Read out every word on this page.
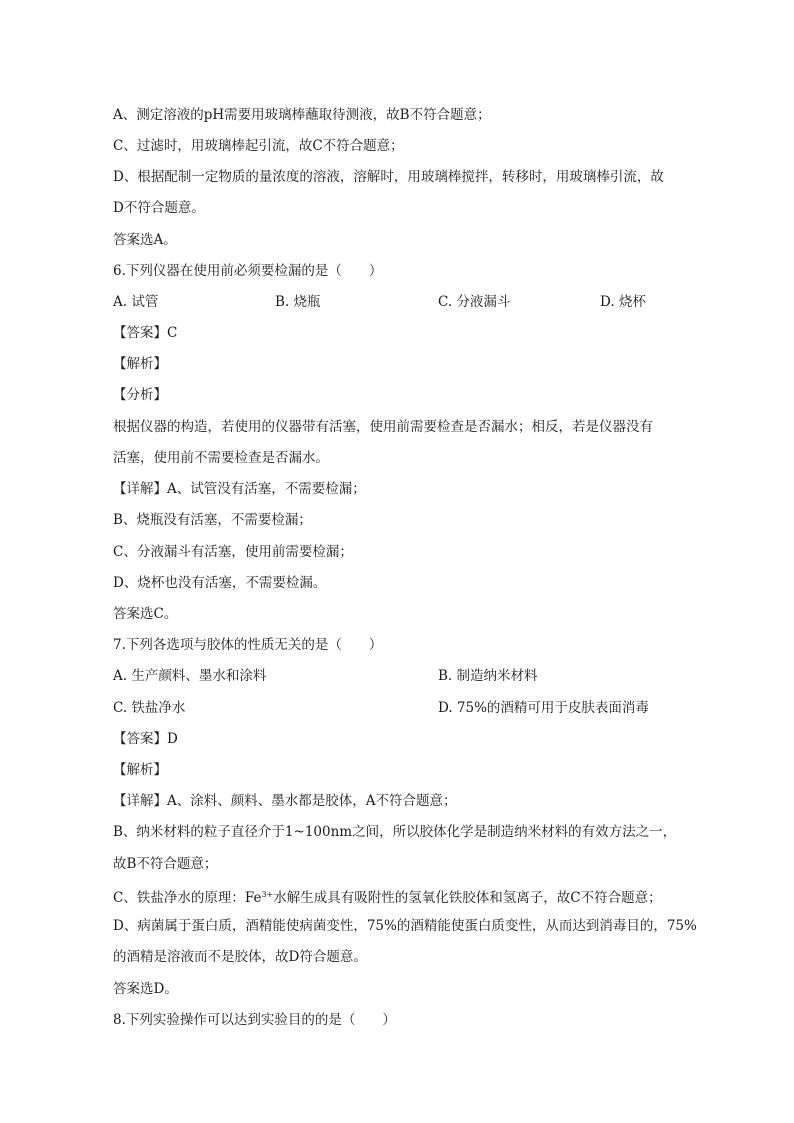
A、测定溶液的pH需要用玻璃棒蘸取待测液，故B不符合题意；
C、过滤时，用玻璃棒起引流，故C不符合题意；
D、根据配制一定物质的量浓度的溶液，溶解时，用玻璃棒搅拌，转移时，用玻璃棒引流，故
D不符合题意。
答案选A。
6.下列仪器在使用前必须要检漏的是（　　）
A. 试管	B. 烧瓶	C. 分液漏斗	D. 烧杯
【答案】C
【解析】
【分析】
根据仪器的构造，若使用的仪器带有活塞，使用前需要检查是否漏水；相反，若是仪器没有
活塞，使用前不需要检查是否漏水。
【详解】A、试管没有活塞，不需要检漏；
B、烧瓶没有活塞，不需要检漏；
C、分液漏斗有活塞，使用前需要检漏；
D、烧杯也没有活塞，不需要检漏。
答案选C。
7.下列各选项与胶体的性质无关的是（　　）
A. 生产颜料、墨水和涂料	B. 制造纳米材料
C. 铁盐净水	D. 75%的酒精可用于皮肤表面消毒
【答案】D
【解析】
【详解】A、涂料、颜料、墨水都是胶体，A不符合题意；
B、纳米材料的粒子直径介于1~100nm之间，所以胶体化学是制造纳米材料的有效方法之一，
故B不符合题意；
C、铁盐净水的原理：$Fe^{3+}$水解生成具有吸附性的氢氧化铁胶体和氢离子，故C不符合题意；
D、病菌属于蛋白质，酒精能使病菌变性，75%的酒精能使蛋白质变性，从而达到消毒目的，75%
的酒精是溶液而不是胶体，故D符合题意。
答案选D。
8.下列实验操作可以达到实验目的的是（　　）
